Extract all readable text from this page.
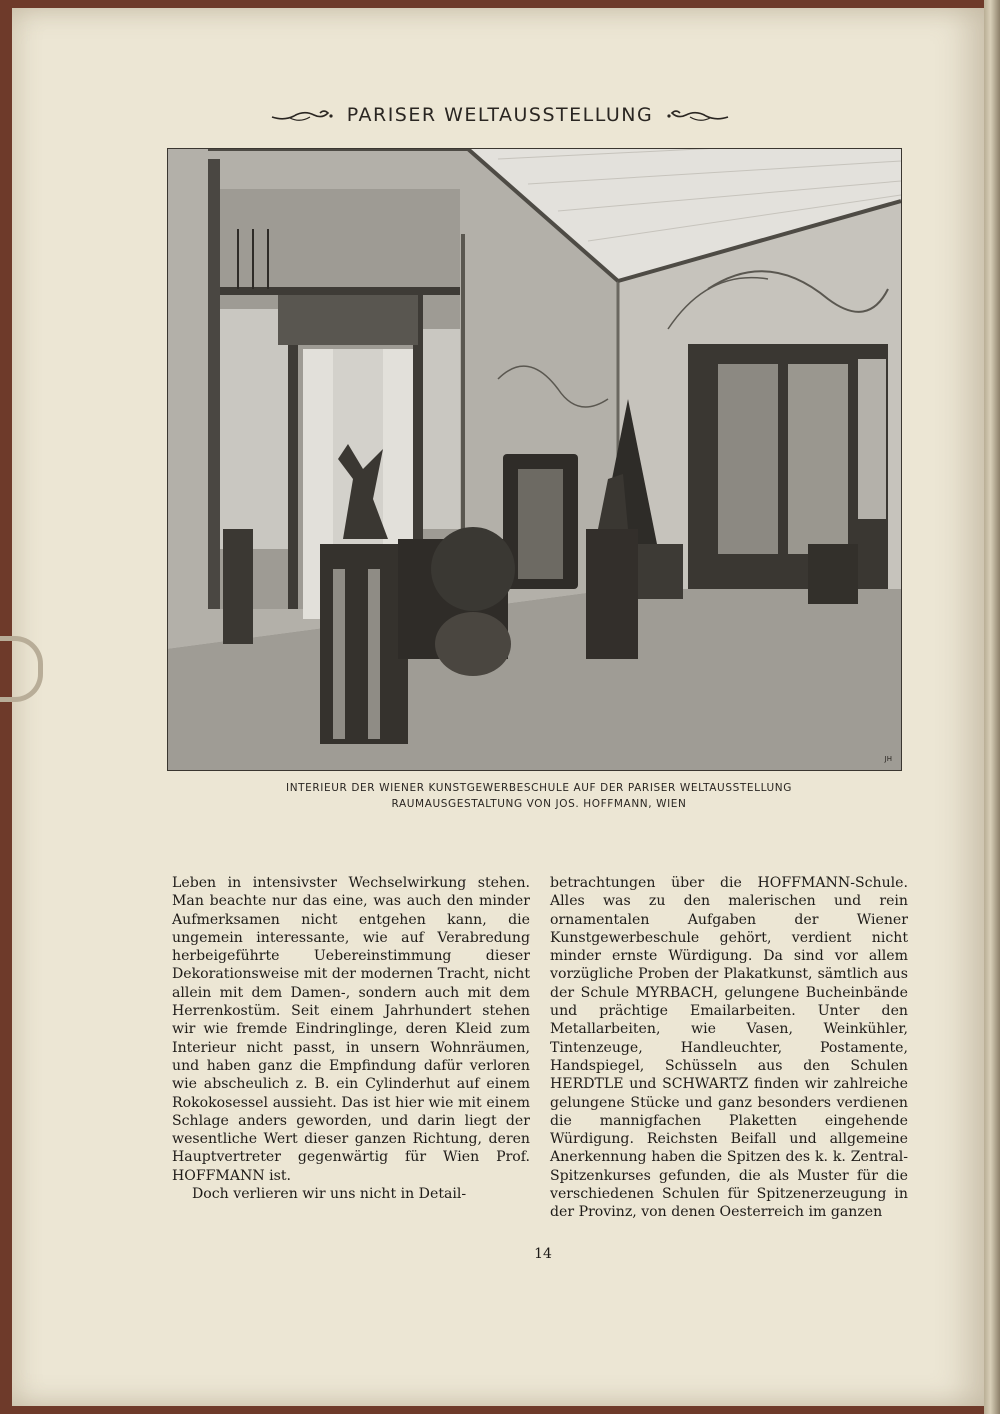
PARISER WELTAUSSTELLUNG
JH
INTERIEUR DER WIENER KUNSTGEWERBESCHULE AUF DER PARISER WELTAUSSTELLUNG
RAUMAUSGESTALTUNG VON JOS. HOFFMANN, WIEN

Leben in intensivster Wechselwirkung stehen. Man beachte nur das eine, was auch den minder Aufmerksamen nicht entgehen kann, die ungemein interessante, wie auf Verabredung herbeigeführte Uebereinstimmung dieser Dekorationsweise mit der modernen Tracht, nicht allein mit dem Damen-, sondern auch mit dem Herrenkostüm. Seit einem Jahrhundert stehen wir wie fremde Eindringlinge, deren Kleid zum Interieur nicht passt, in unsern Wohnräumen, und haben ganz die Empfindung dafür verloren wie abscheulich z. B. ein Cylinderhut auf einem Rokokosessel aussieht. Das ist hier wie mit einem Schlage anders geworden, und darin liegt der wesentliche Wert dieser ganzen Richtung, deren Hauptvertreter gegenwärtig für Wien Prof. HOFFMANN ist.

Doch verlieren wir uns nicht in Detail-

betrachtungen über die HOFFMANN-Schule. Alles was zu den malerischen und rein ornamentalen Aufgaben der Wiener Kunstgewerbeschule gehört, verdient nicht minder ernste Würdigung. Da sind vor allem vorzügliche Proben der Plakatkunst, sämtlich aus der Schule MYRBACH, gelungene Bucheinbände und prächtige Emailarbeiten. Unter den Metallarbeiten, wie Vasen, Weinkühler, Tintenzeuge, Handleuchter, Postamente, Handspiegel, Schüsseln aus den Schulen HERDTLE und SCHWARTZ finden wir zahlreiche gelungene Stücke und ganz besonders verdienen die mannigfachen Plaketten eingehende Würdigung. Reichsten Beifall und allgemeine Anerkennung haben die Spitzen des k. k. Zentral-Spitzenkurses gefunden, die als Muster für die verschiedenen Schulen für Spitzenerzeugung in der Provinz, von denen Oesterreich im ganzen

14
